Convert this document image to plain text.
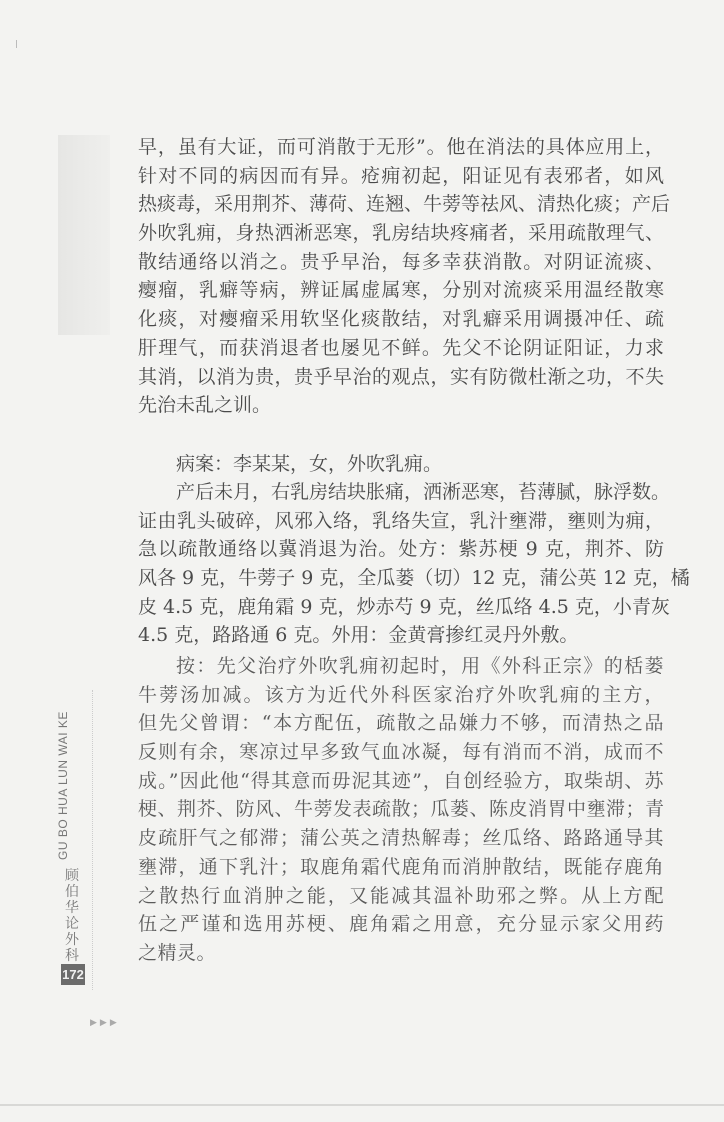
早，虽有大证，而可消散于无形”。他在消法的具体应用上，
针对不同的病因而有异。疮痈初起，阳证见有表邪者，如风
热痰毒，采用荆芥、薄荷、连翘、牛蒡等祛风、清热化痰；产后
外吹乳痈，身热洒淅恶寒，乳房结块疼痛者，采用疏散理气、
散结通络以消之。贵乎早治，每多幸获消散。对阴证流痰、
瘿瘤，乳癖等病，辨证属虚属寒，分别对流痰采用温经散寒
化痰，对瘿瘤采用软坚化痰散结，对乳癖采用调摄冲任、疏
肝理气，而获消退者也屡见不鲜。先父不论阴证阳证，力求
其消，以消为贵，贵乎早治的观点，实有防微杜渐之功，不失
先治未乱之训。
病案：李某某，女，外吹乳痈。
产后未月，右乳房结块胀痛，洒淅恶寒，苔薄腻，脉浮数。
证由乳头破碎，风邪入络，乳络失宣，乳汁壅滞，壅则为痈，
急以疏散通络以冀消退为治。处方：紫苏梗 9 克，荆芥、防
风各 9 克，牛蒡子 9 克，全瓜蒌（切）12 克，蒲公英 12 克，橘
皮 4.5 克，鹿角霜 9 克，炒赤芍 9 克，丝瓜络 4.5 克，小青灰
4.5 克，路路通 6 克。外用：金黄膏掺红灵丹外敷。
按：先父治疗外吹乳痈初起时，用《外科正宗》的栝蒌
牛蒡汤加减。该方为近代外科医家治疗外吹乳痈的主方，
但先父曾谓：“本方配伍，疏散之品嫌力不够，而清热之品
反则有余，寒凉过早多致气血冰凝，每有消而不消，成而不
成。”因此他“得其意而毋泥其迹”，自创经验方，取柴胡、苏
梗、荆芥、防风、牛蒡发表疏散；瓜蒌、陈皮消胃中壅滞；青
皮疏肝气之郁滞；蒲公英之清热解毒；丝瓜络、路路通导其
壅滞，通下乳汁；取鹿角霜代鹿角而消肿散结，既能存鹿角
之散热行血消肿之能，又能减其温补助邪之弊。从上方配
伍之严谨和选用苏梗、鹿角霜之用意，充分显示家父用药
之精灵。
GU BO HUA LUN WAI KE
顾
伯
华
论
外
科
172
▶▶▶
